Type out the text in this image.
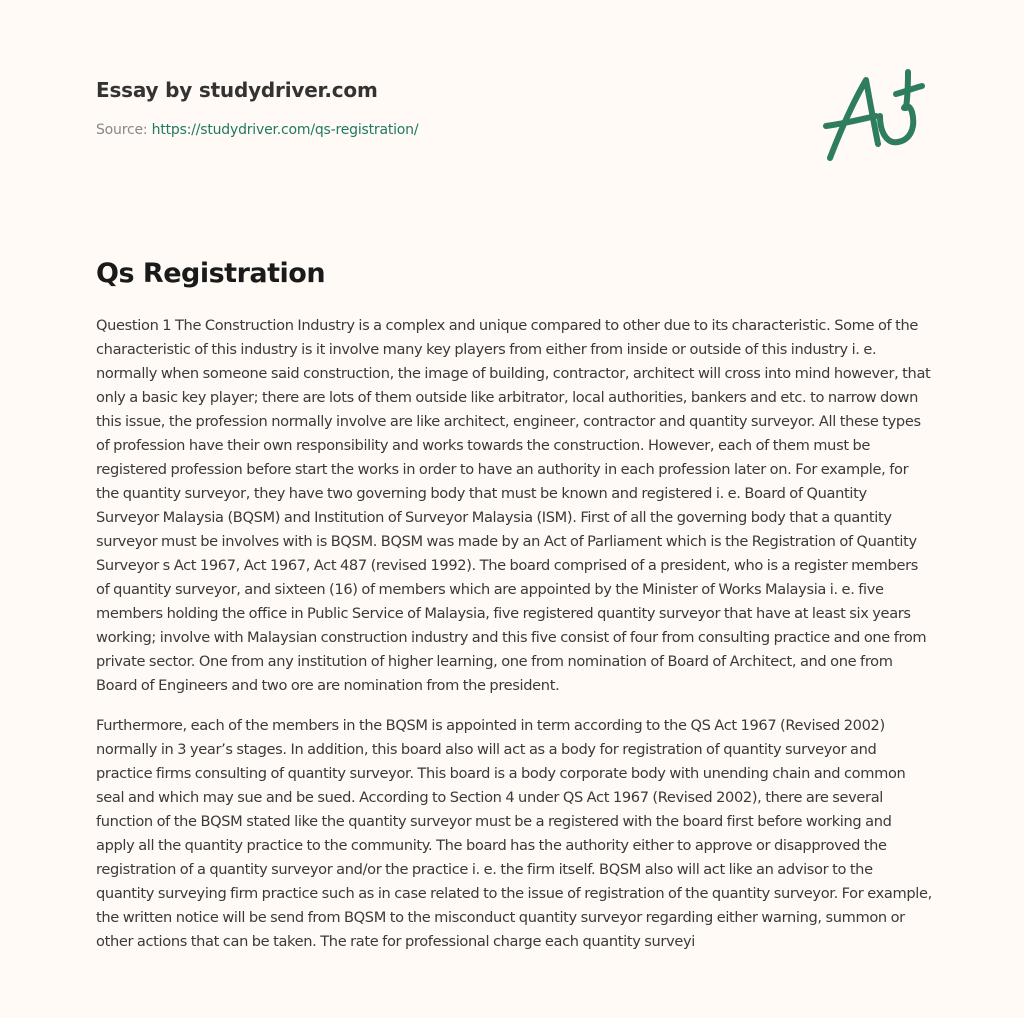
Essay by studydriver.com
Source: https://studydriver.com/qs-registration/
Qs Registration

Question 1 The Construction Industry is a complex and unique compared to other due to its characteristic. Some of the characteristic of this industry is it involve many key players from either from inside or outside of this industry i. e. normally when someone said construction, the image of building, contractor, architect will cross into mind however, that only a basic key player; there are lots of them outside like arbitrator, local authorities, bankers and etc. to narrow down this issue, the profession normally involve are like architect, engineer, contractor and quantity surveyor. All these types of profession have their own responsibility and works towards the construction. However, each of them must be registered profession before start the works in order to have an authority in each profession later on. For example, for the quantity surveyor, they have two governing body that must be known and registered i. e. Board of Quantity Surveyor Malaysia (BQSM) and Institution of Surveyor Malaysia (ISM). First of all the governing body that a quantity surveyor must be involves with is BQSM. BQSM was made by an Act of Parliament which is the Registration of Quantity Surveyor s Act 1967, Act 1967, Act 487 (revised 1992). The board comprised of a president, who is a register members of quantity surveyor, and sixteen (16) of members which are appointed by the Minister of Works Malaysia i. e. five members holding the office in Public Service of Malaysia, five registered quantity surveyor that have at least six years working; involve with Malaysian construction industry and this five consist of four from consulting practice and one from private sector. One from any institution of higher learning, one from nomination of Board of Architect, and one from Board of Engineers and two ore are nomination from the president.

Furthermore, each of the members in the BQSM is appointed in term according to the QS Act 1967 (Revised 2002) normally in 3 year’s stages. In addition, this board also will act as a body for registration of quantity surveyor and practice firms consulting of quantity surveyor. This board is a body corporate body with unending chain and common seal and which may sue and be sued. According to Section 4 under QS Act 1967 (Revised 2002), there are several function of the BQSM stated like the quantity surveyor must be a registered with the board first before working and apply all the quantity practice to the community. The board has the authority either to approve or disapproved the registration of a quantity surveyor and/or the practice i. e. the firm itself. BQSM also will act like an advisor to the quantity surveying firm practice such as in case related to the issue of registration of the quantity surveyor. For example, the written notice will be send from BQSM to the misconduct quantity surveyor regarding either warning, summon or other actions that can be taken. The rate for professional charge each quantity surveyi
